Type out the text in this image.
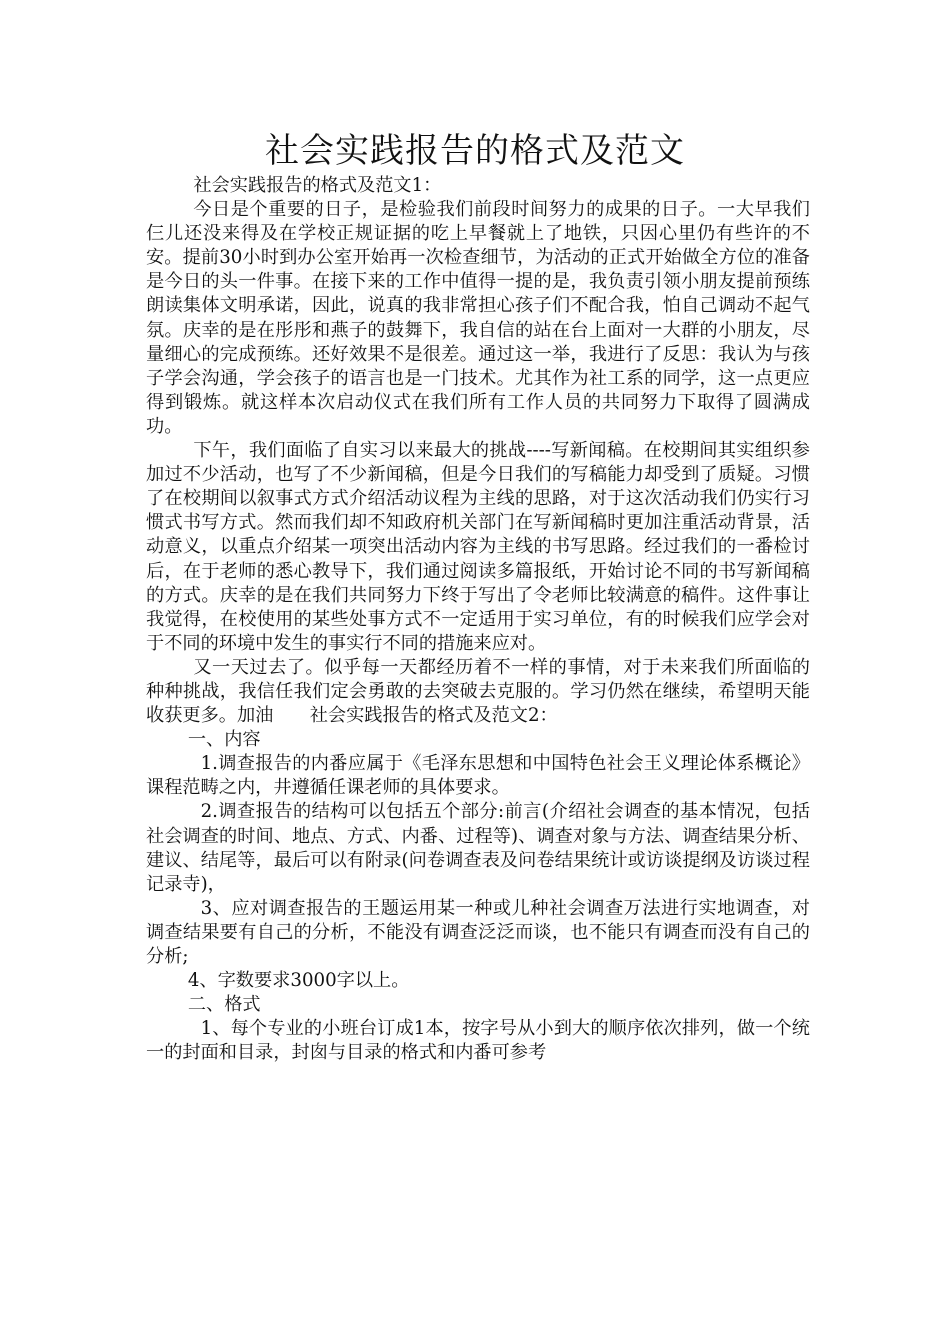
社会实践报告的格式及范文

社会实践报告的格式及范文1：

今日是个重要的日子，是检验我们前段时间努力的成果的日子。一大早我们仨儿还没来得及在学校正规证据的吃上早餐就上了地铁，只因心里仍有些许的不安。提前30小时到办公室开始再一次检查细节，为活动的正式开始做全方位的准备是今日的头一件事。在接下来的工作中值得一提的是，我负责引领小朋友提前预练朗读集体文明承诺，因此，说真的我非常担心孩子们不配合我，怕自己调动不起气氛。庆幸的是在彤彤和燕子的鼓舞下，我自信的站在台上面对一大群的小朋友，尽量细心的完成预练。还好效果不是很差。通过这一举，我进行了反思：我认为与孩子学会沟通，学会孩子的语言也是一门技术。尤其作为社工系的同学，这一点更应得到锻炼。就这样本次启动仪式在我们所有工作人员的共同努力下取得了圆满成功。

下午，我们面临了自实习以来最大的挑战----写新闻稿。在校期间其实组织参加过不少活动，也写了不少新闻稿，但是今日我们的写稿能力却受到了质疑。习惯了在校期间以叙事式方式介绍活动议程为主线的思路，对于这次活动我们仍实行习惯式书写方式。然而我们却不知政府机关部门在写新闻稿时更加注重活动背景，活动意义，以重点介绍某一项突出活动内容为主线的书写思路。经过我们的一番检讨后，在于老师的悉心教导下，我们通过阅读多篇报纸，开始讨论不同的书写新闻稿的方式。庆幸的是在我们共同努力下终于写出了令老师比较满意的稿件。这件事让我觉得，在校使用的某些处事方式不一定适用于实习单位，有的时候我们应学会对于不同的环境中发生的事实行不同的措施来应对。

又一天过去了。似乎每一天都经历着不一样的事情，对于未来我们所面临的种种挑战，我信任我们定会勇敢的去突破去克服的。学习仍然在继续，希望明天能收获更多。加油　　社会实践报告的格式及范文2：

一、内容

1.调查报告的内番应属于《毛泽东思想和中国特色社会王义理论体系概论》课程范畴之内，井遵循任课老师的具体要求。

2.调查报告的结构可以包括五个部分:前言(介绍社会调查的基本情况，包括社会调查的时间、地点、方式、内番、过程等)、调查对象与方法、调查结果分析、建议、结尾等，最后可以有附录(问卷调查表及问卷结果统计或访谈提纲及访谈过程记录寺)，

3、应对调查报告的王题运用某一种或儿种社会调查万法进行实地调查，对调查结果要有自己的分析，不能没有调查泛泛而谈，也不能只有调查而没有自己的分析;

4、字数要求3000字以上。

二、格式

1、每个专业的小班台订成1本，按字号从小到大的顺序依次排列，做一个统一的封面和目录，封囱与目录的格式和内番可参考
